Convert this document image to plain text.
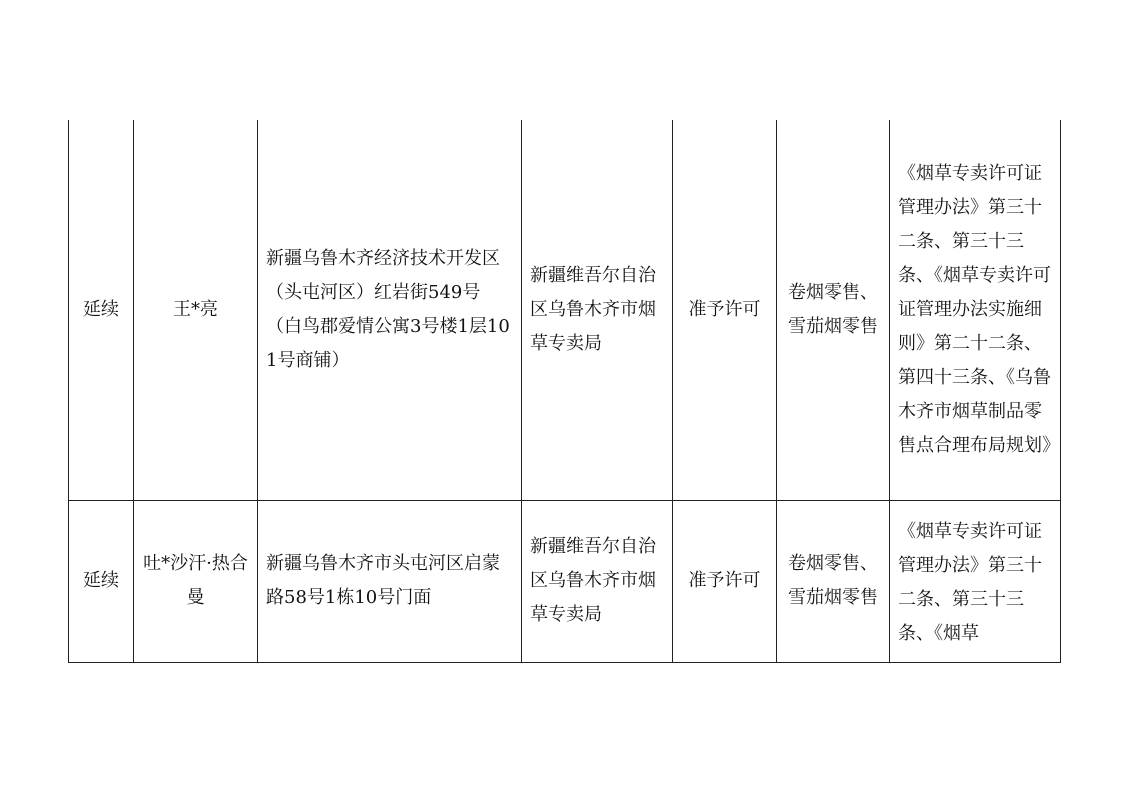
延续	王*亮	新疆乌鲁木齐经济技术开发区（头屯河区）红岩街549号（白鸟郡爱情公寓3号楼1层101号商铺）	新疆维吾尔自治区乌鲁木齐市烟草专卖局	准予许可	卷烟零售、雪茄烟零售	《烟草专卖许可证管理办法》第三十二条、第三十三条、《烟草专卖许可证管理办法实施细则》第二十二条、第四十三条、《乌鲁木齐市烟草制品零售点合理布局规划》
延续	吐*沙汗·热合曼	新疆乌鲁木齐市头屯河区启蒙路58号1栋10号门面	新疆维吾尔自治区乌鲁木齐市烟草专卖局	准予许可	卷烟零售、雪茄烟零售	《烟草专卖许可证管理办法》第三十二条、第三十三条、《烟草
